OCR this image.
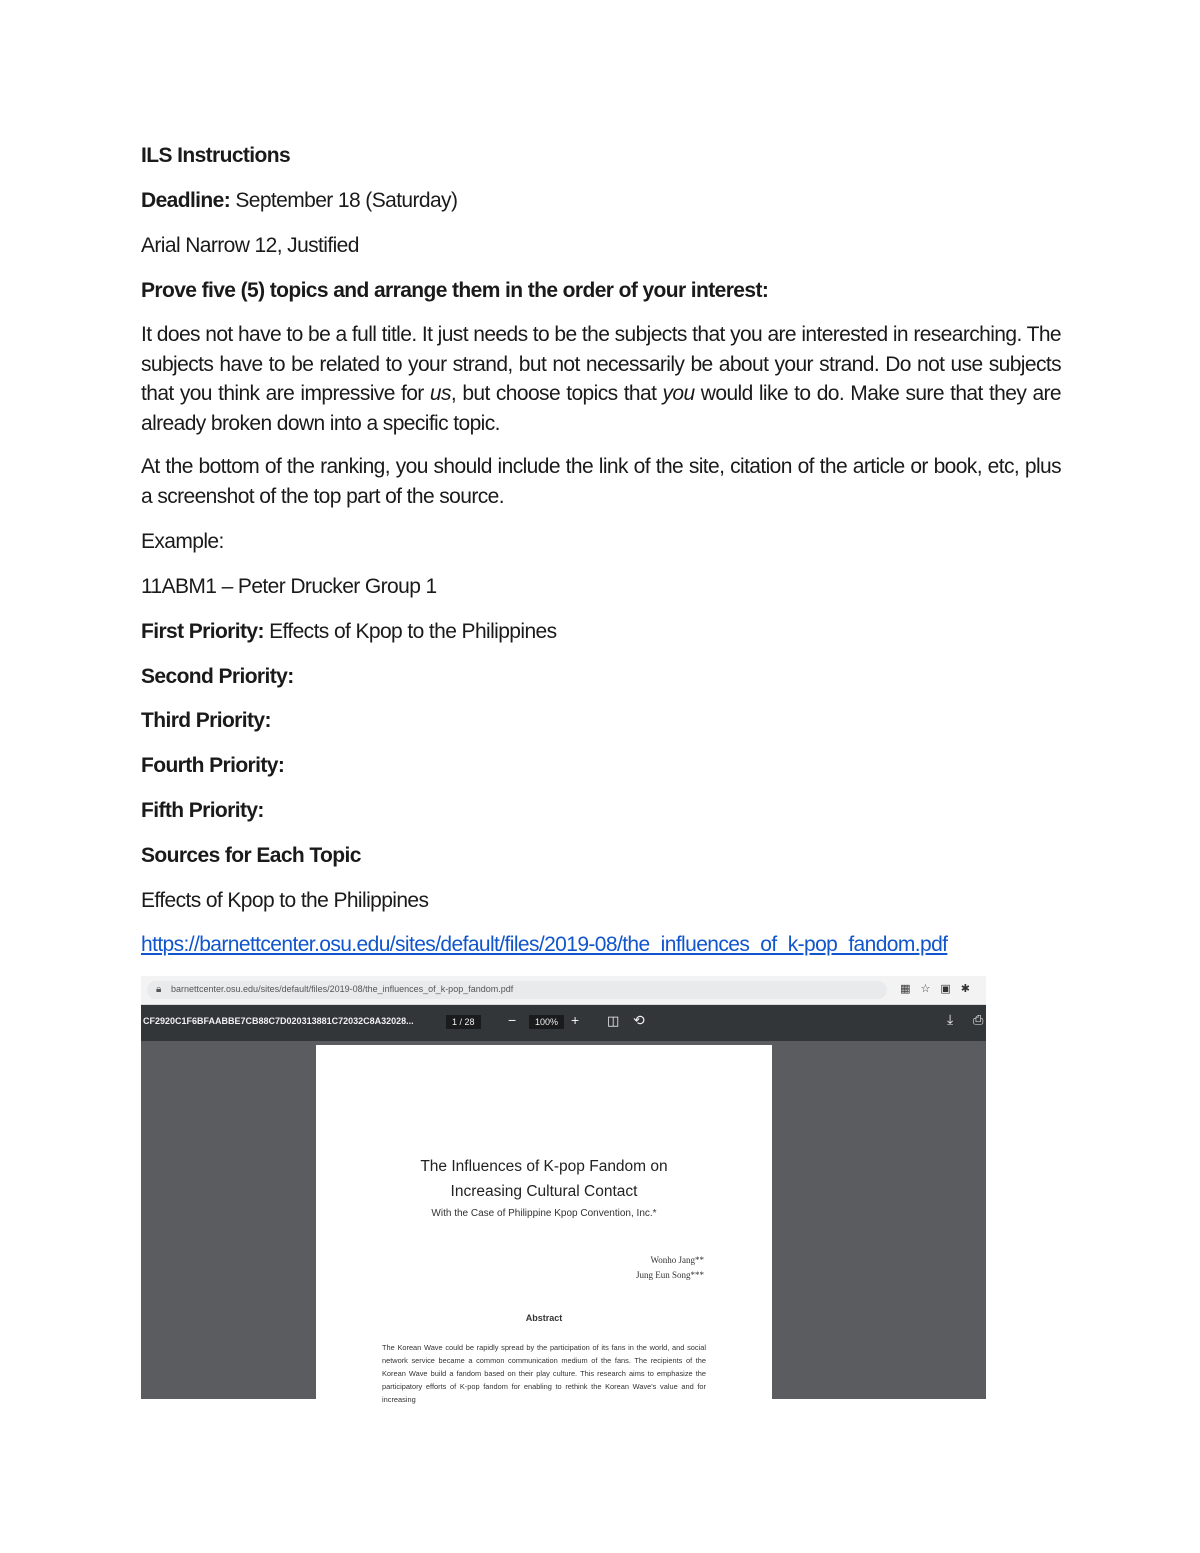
ILS Instructions
Deadline: September 18 (Saturday)
Arial Narrow 12, Justified
Prove five (5) topics and arrange them in the order of your interest:
It does not have to be a full title. It just needs to be the subjects that you are interested in researching. The subjects have to be related to your strand, but not necessarily be about your strand. Do not use subjects that you think are impressive for us, but choose topics that you would like to do. Make sure that they are already broken down into a specific topic.
At the bottom of the ranking, you should include the link of the site, citation of the article or book, etc, plus a screenshot of the top part of the source.
Example:
11ABM1 – Peter Drucker Group 1
First Priority: Effects of Kpop to the Philippines
Second Priority:
Third Priority:
Fourth Priority:
Fifth Priority:
Sources for Each Topic
Effects of Kpop to the Philippines
https://barnettcenter.osu.edu/sites/default/files/2019-08/the_influences_of_k-pop_fandom.pdf
🔒︎ barnettcenter.osu.edu/sites/default/files/2019-08/the_influences_of_k-pop_fandom.pdf	▦☆▣✱
CF2920C1F6BFAABBE7CB88C7D020313881C72032C8A32028...	1 / 28	−	100% + ◫ ⟲	⤓ ⎙
The Influences of K-pop Fandom on
Increasing Cultural Contact
With the Case of Philippine Kpop Convention, Inc.*
Wonho Jang**
Jung Eun Song***
Abstract
The Korean Wave could be rapidly spread by the participation of its fans in the world, and social network service became a common communication medium of the fans. The recipients of the Korean Wave build a fandom based on their play culture. This research aims to emphasize the participatory efforts of K-pop fandom for enabling to rethink the Korean Wave's value and for increasing
